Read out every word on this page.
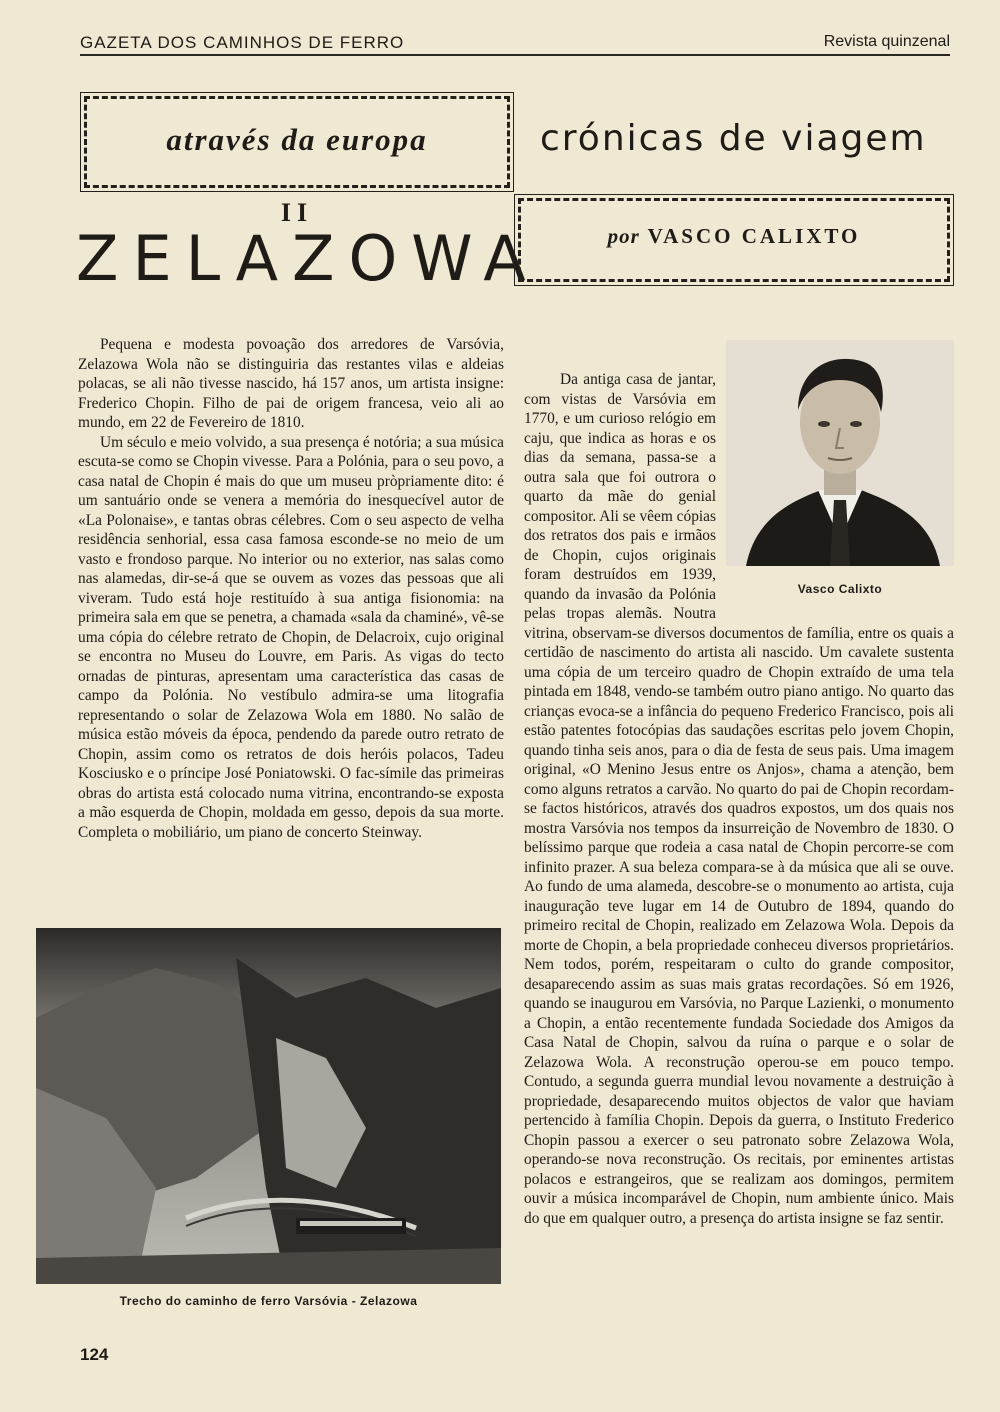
GAZETA DOS CAMINHOS DE FERRO	Revista quinzenal
através da europa	crónicas de viagem
II
ZELAZOWA	por VASCO CALIXTO

Pequena e modesta povoação dos arredores de Varsóvia, Zelazowa Wola não se distinguiria das restantes vilas e aldeias polacas, se ali não tivesse nascido, há 157 anos, um artista insigne: Frederico Chopin. Filho de pai de origem francesa, veio ali ao mundo, em 22 de Fevereiro de 1810.

Um século e meio volvido, a sua presença é notória; a sua música escuta-se como se Chopin vivesse. Para a Polónia, para o seu povo, a casa natal de Chopin é mais do que um museu pròpriamente dito: é um santuário onde se venera a memória do inesquecível autor de «La Polonaise», e tantas obras célebres. Com o seu aspecto de velha residência senhorial, essa casa famosa esconde-se no meio de um vasto e frondoso parque. No interior ou no exterior, nas salas como nas alamedas, dir-se-á que se ouvem as vozes das pessoas que ali viveram. Tudo está hoje restituído à sua antiga fisionomia: na primeira sala em que se penetra, a chamada «sala da chaminé», vê-se uma cópia do célebre retrato de Chopin, de Delacroix, cujo original se encontra no Museu do Louvre, em Paris. As vigas do tecto ornadas de pinturas, apresentam uma característica das casas de campo da Polónia. No vestíbulo admira-se uma litografia representando o solar de Zelazowa Wola em 1880. No salão de música estão móveis da época, pendendo da parede outro retrato de Chopin, assim como os retratos de dois heróis polacos, Tadeu Kosciusko e o príncipe José Poniatowski. O fac-símile das primeiras obras do artista está colocado numa vitrina, encontrando-se exposta a mão esquerda de Chopin, moldada em gesso, depois da sua morte. Completa o mobiliário, um piano de concerto Steinway.

Vasco Calixto

Da antiga casa de jantar, com vistas de Varsóvia em 1770, e um curioso relógio em caju, que indica as horas e os dias da semana, passa-se a outra sala que foi outrora o quarto da mãe do genial compositor. Ali se vêem cópias dos retratos dos pais e irmãos de Chopin, cujos originais foram destruídos em 1939, quando da invasão da Polónia pelas tropas alemãs. Noutra vitrina, observam-se diversos documentos de família, entre os quais a certidão de nascimento do artista ali nascido. Um cavalete sustenta uma cópia de um terceiro quadro de Chopin extraído de uma tela pintada em 1848, vendo-se também outro piano antigo. No quarto das crianças evoca-se a infância do pequeno Frederico Francisco, pois ali estão patentes fotocópias das saudações escritas pelo jovem Chopin, quando tinha seis anos, para o dia de festa de seus pais. Uma imagem original, «O Menino Jesus entre os Anjos», chama a atenção, bem como alguns retratos a carvão. No quarto do pai de Chopin recordam-se factos históricos, através dos quadros expostos, um dos quais nos mostra Varsóvia nos tempos da insurreição de Novembro de 1830. O belíssimo parque que rodeia a casa natal de Chopin percorre-se com infinito prazer. A sua beleza compara-se à da música que ali se ouve. Ao fundo de uma alameda, descobre-se o monumento ao artista, cuja inauguração teve lugar em 14 de Outubro de 1894, quando do primeiro recital de Chopin, realizado em Zelazowa Wola. Depois da morte de Chopin, a bela propriedade conheceu diversos proprietários. Nem todos, porém, respeitaram o culto do grande compositor, desaparecendo assim as suas mais gratas recordações. Só em 1926, quando se inaugurou em Varsóvia, no Parque Lazienki, o monumento a Chopin, a então recentemente fundada Sociedade dos Amigos da Casa Natal de Chopin, salvou da ruína o parque e o solar de Zelazowa Wola. A reconstrução operou-se em pouco tempo. Contudo, a segunda guerra mundial levou novamente a destruição à propriedade, desaparecendo muitos objectos de valor que haviam pertencido à família Chopin. Depois da guerra, o Instituto Frederico Chopin passou a exercer o seu patronato sobre Zelazowa Wola, operando-se nova reconstrução. Os recitais, por eminentes artistas polacos e estrangeiros, que se realizam aos domingos, permitem ouvir a música incomparável de Chopin, num ambiente único. Mais do que em qualquer outro, a presença do artista insigne se faz sentir.

Trecho do caminho de ferro Varsóvia - Zelazowa
124
